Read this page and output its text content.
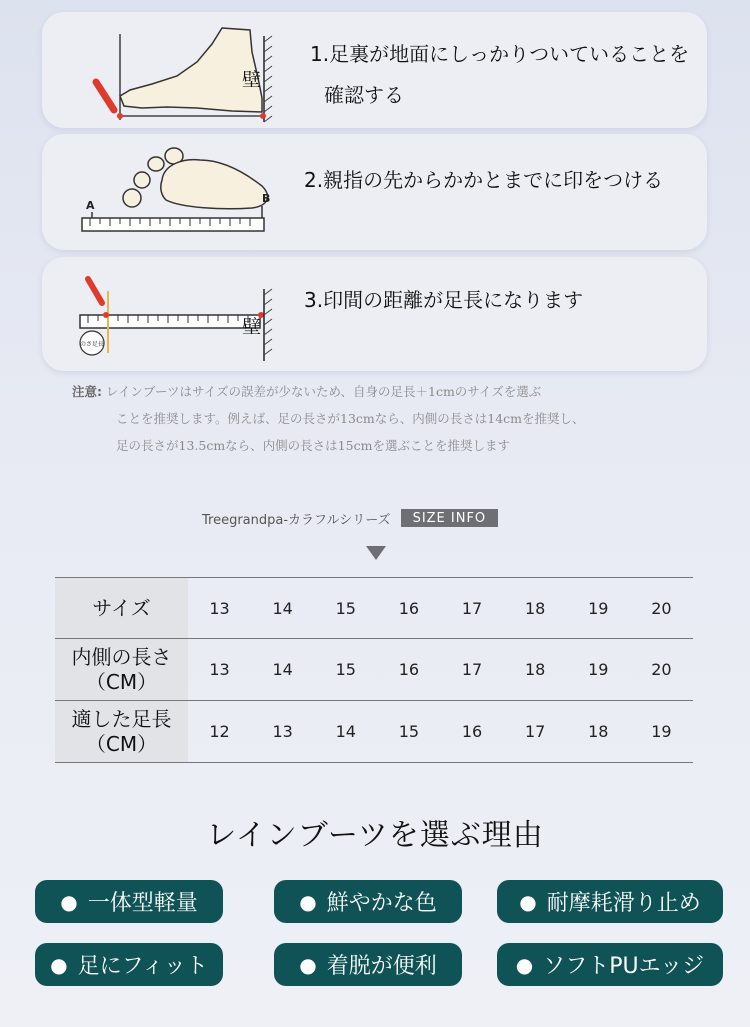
壁
1.足裏が地面にしっかりついていることを
確認する
A
B
2.親指の先からかかとまでに印をつける
のさ足長
壁
3.印間の距離が足長になります
注意: レインブーツはサイズの誤差が少ないため、自身の足長＋1cmのサイズを選ぶ
ことを推奨します。例えば、足の長さが13cmなら、内側の長さは14cmを推奨し、
足の長さが13.5cmなら、内側の長さは15cmを選ぶことを推奨します
Treegrandpa-カラフルシリーズ	SIZE INFO
サイズ	13	14	15	16	17	18	19	20

内側の長さ
（CM）	13	14	15	16	17	18	19	20

適した足長
（CM）	12	13	14	15	16	17	18	19
レインブーツを選ぶ理由
● 一体型軽量	● 鮮やかな色	● 耐摩耗滑り止め
● 足にフィット	● 着脱が便利	● ソフトPUエッジ
